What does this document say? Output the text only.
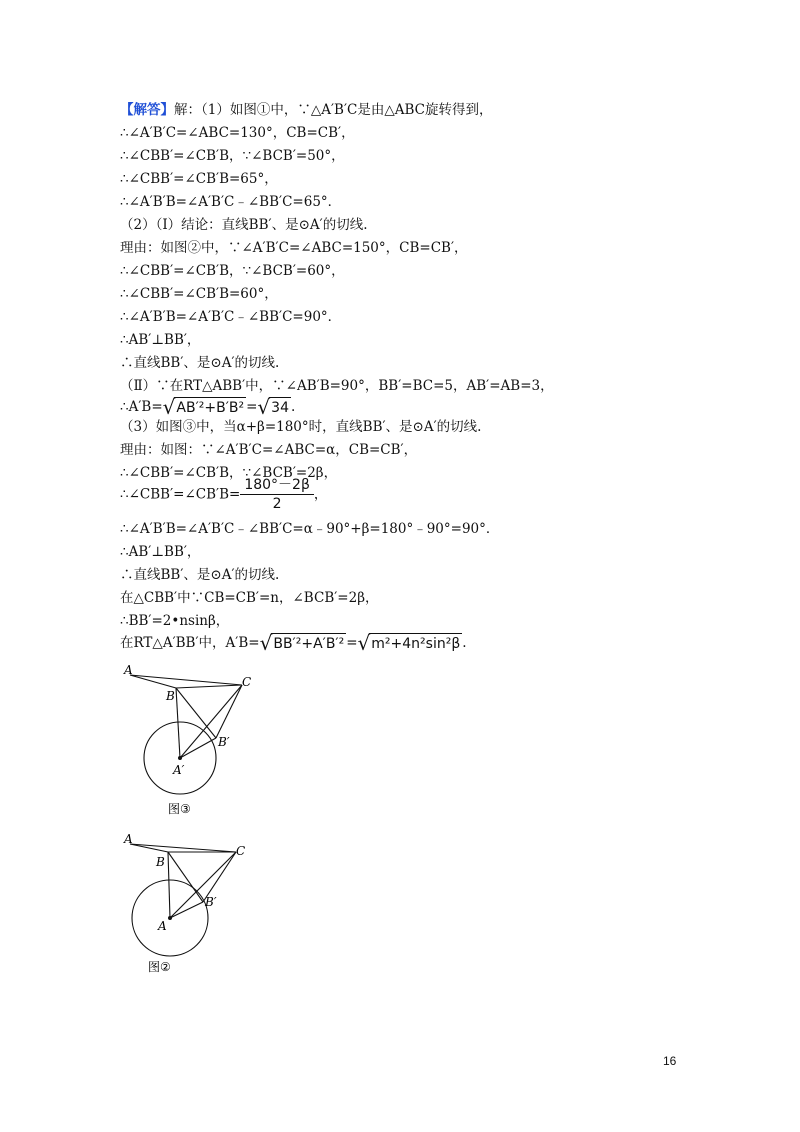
【解答】解：（1）如图①中，∵△A′B′C是由△ABC旋转得到，
∴∠A′B′C=∠ABC=130°，CB=CB′，
∴∠CBB′=∠CB′B，∵∠BCB′=50°，
∴∠CBB′=∠CB′B=65°，
∴∠A′B′B=∠A′B′C﹣∠BB′C=65°．
（2）（Ⅰ）结论：直线BB′、是⊙A′的切线.
理由：如图②中，∵∠A′B′C=∠ABC=150°，CB=CB′，
∴∠CBB′=∠CB′B，∵∠BCB′=60°，
∴∠CBB′=∠CB′B=60°，
∴∠A′B′B=∠A′B′C﹣∠BB′C=90°．
∴AB′⊥BB′，
∴直线BB′、是⊙A′的切线.
（Ⅱ）∵在RT△ABB′中，∵∠AB′B=90°，BB′=BC=5，AB′=AB=3，
∴A′B= √ AB′²+B′B² = √ 34 .
（3）如图③中，当α+β=180°时，直线BB′、是⊙A′的切线.
理由：如图：∵∠A′B′C=∠ABC=α，CB=CB′，
∴∠CBB′=∠CB′B，∵∠BCB′=2β，
∴∠CBB′=∠CB′B= $\frac{180^\circ-2\beta}{2}$ ，
∴∠A′B′B=∠A′B′C﹣∠BB′C=α﹣90°+β=180°﹣90°=90°．
∴AB′⊥BB′，
∴直线BB′、是⊙A′的切线.
在△CBB′中∵CB=CB′=n，∠BCB′=2β，
∴BB′=2•nsinβ，
在RT△A′BB′中，A′B= √ BB′²+A′B′² = √ m²+4n²sin²β .
A
B
C
B′
A′
图③
A
B
C
B′
A
图②
16
